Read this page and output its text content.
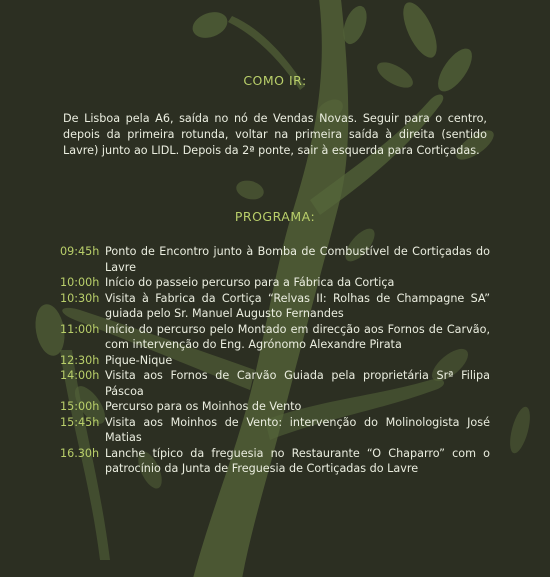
COMO IR:
De Lisboa pela A6, saída no nó de Vendas Novas. Seguir para o centro, depois da primeira rotunda, voltar na primeira saída à direita (sentido Lavre) junto ao LIDL. Depois da 2ª ponte, sair à esquerda para Cortiçadas.
PROGRAMA:
09:45h Ponto de Encontro junto à Bomba de Combustível de Cortiçadas do Lavre
10:00h Início do passeio percurso para a Fábrica da Cortiça
10:30h Visita à Fabrica da Cortiça “Relvas II: Rolhas de Champagne SA” guiada pelo Sr. Manuel Augusto Fernandes
11:00h Início do percurso pelo Montado em direcção aos Fornos de Carvão, com intervenção do Eng. Agrónomo Alexandre Pirata
12:30h Pique-Nique
14:00h Visita aos Fornos de Carvão Guiada pela proprietária Srª Filipa Páscoa
15:00h Percurso para os Moinhos de Vento
15:45h Visita aos Moinhos de Vento: intervenção do Molinologista José Matias
16.30h Lanche típico da freguesia no Restaurante “O Chaparro” com o patrocínio da Junta de Freguesia de Cortiçadas do Lavre
